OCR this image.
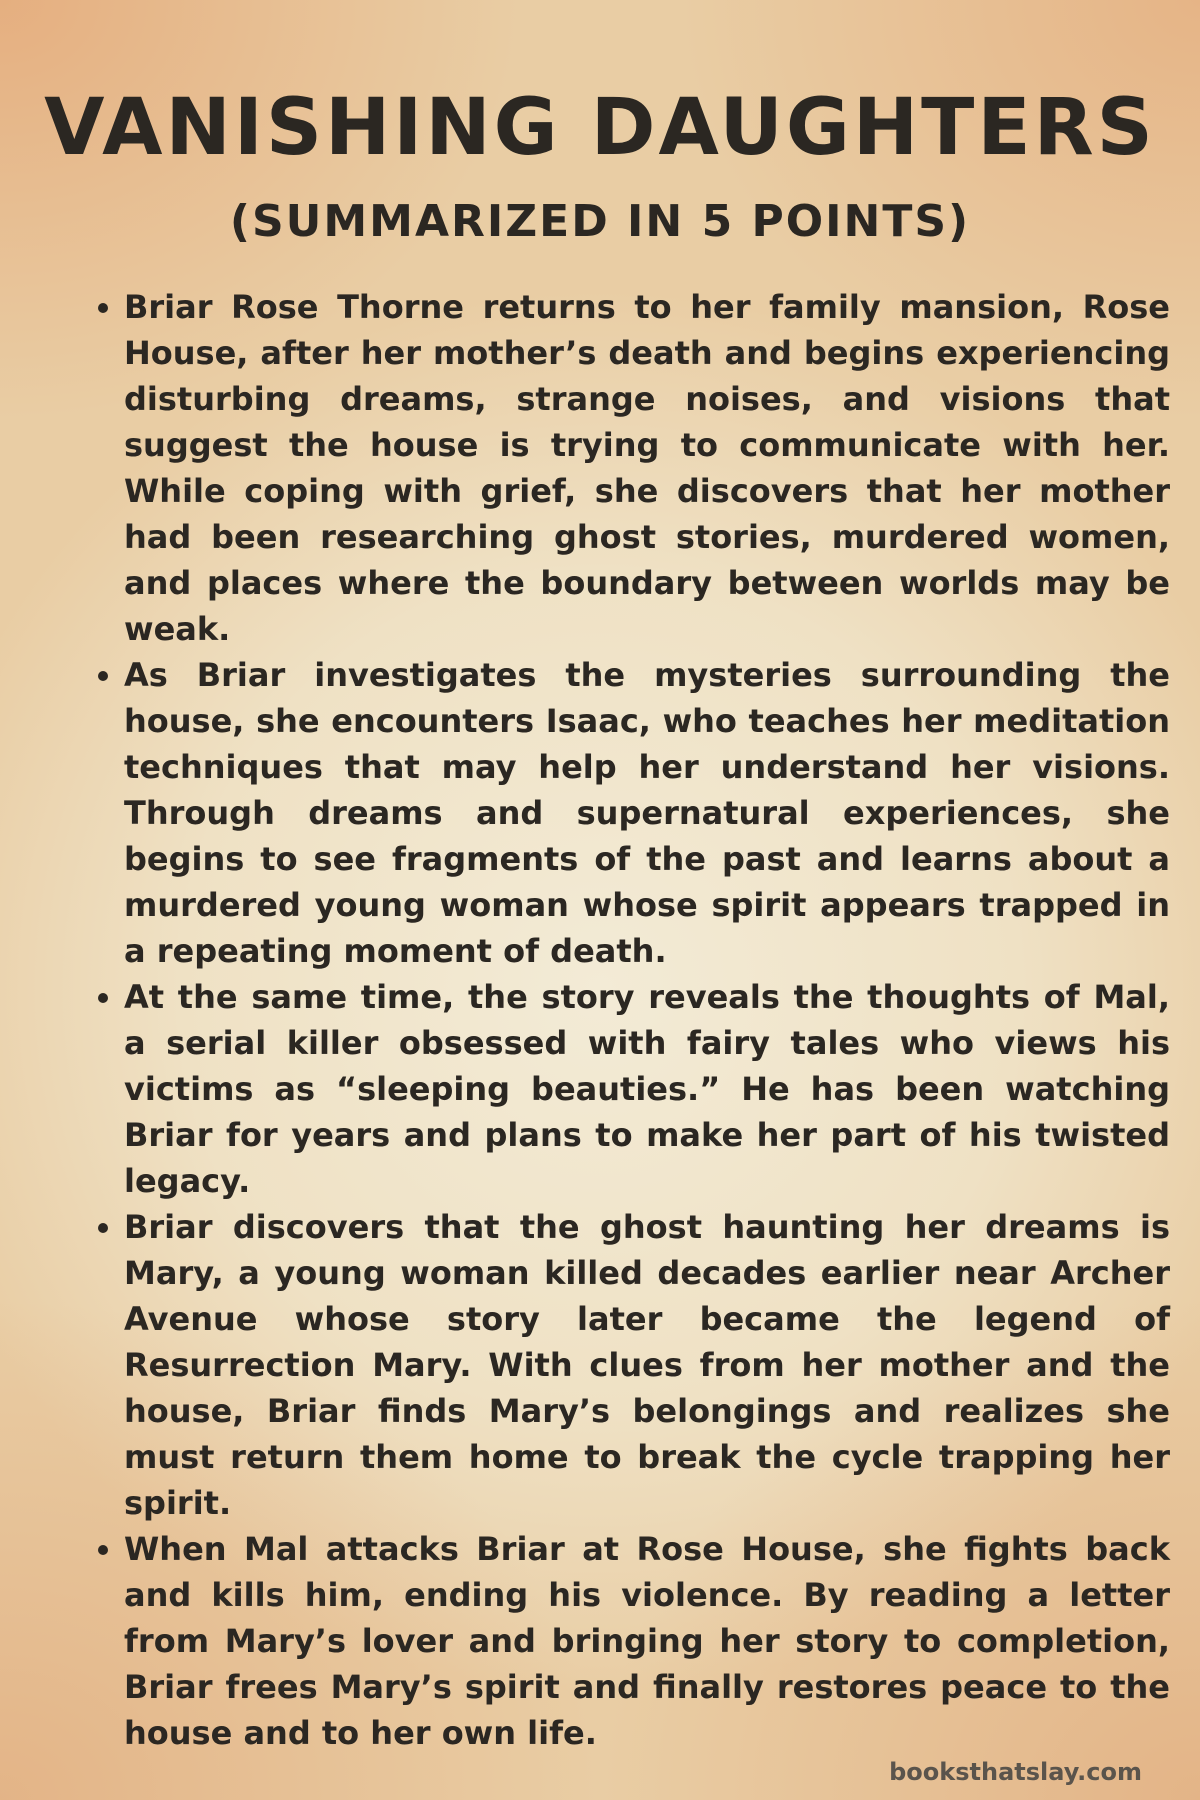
VANISHING DAUGHTERS
(SUMMARIZED IN 5 POINTS)
Briar Rose Thorne returns to her family mansion, Rose House, after her mother’s death and begins experiencing disturbing dreams, strange noises, and visions that suggest the house is trying to communicate with her. While coping with grief, she discovers that her mother had been researching ghost stories, murdered women, and places where the boundary between worlds may be weak.
As Briar investigates the mysteries surrounding the house, she encounters Isaac, who teaches her meditation techniques that may help her understand her visions. Through dreams and supernatural experiences, she begins to see fragments of the past and learns about a murdered young woman whose spirit appears trapped in a repeating moment of death.
At the same time, the story reveals the thoughts of Mal, a serial killer obsessed with fairy tales who views his victims as “sleeping beauties.” He has been watching Briar for years and plans to make her part of his twisted legacy.
Briar discovers that the ghost haunting her dreams is Mary, a young woman killed decades earlier near Archer Avenue whose story later became the legend of Resurrection Mary. With clues from her mother and the house, Briar finds Mary’s belongings and realizes she must return them home to break the cycle trapping her spirit.
When Mal attacks Briar at Rose House, she fights back and kills him, ending his violence. By reading a letter from Mary’s lover and bringing her story to completion, Briar frees Mary’s spirit and finally restores peace to the house and to her own life.
booksthatslay.com
